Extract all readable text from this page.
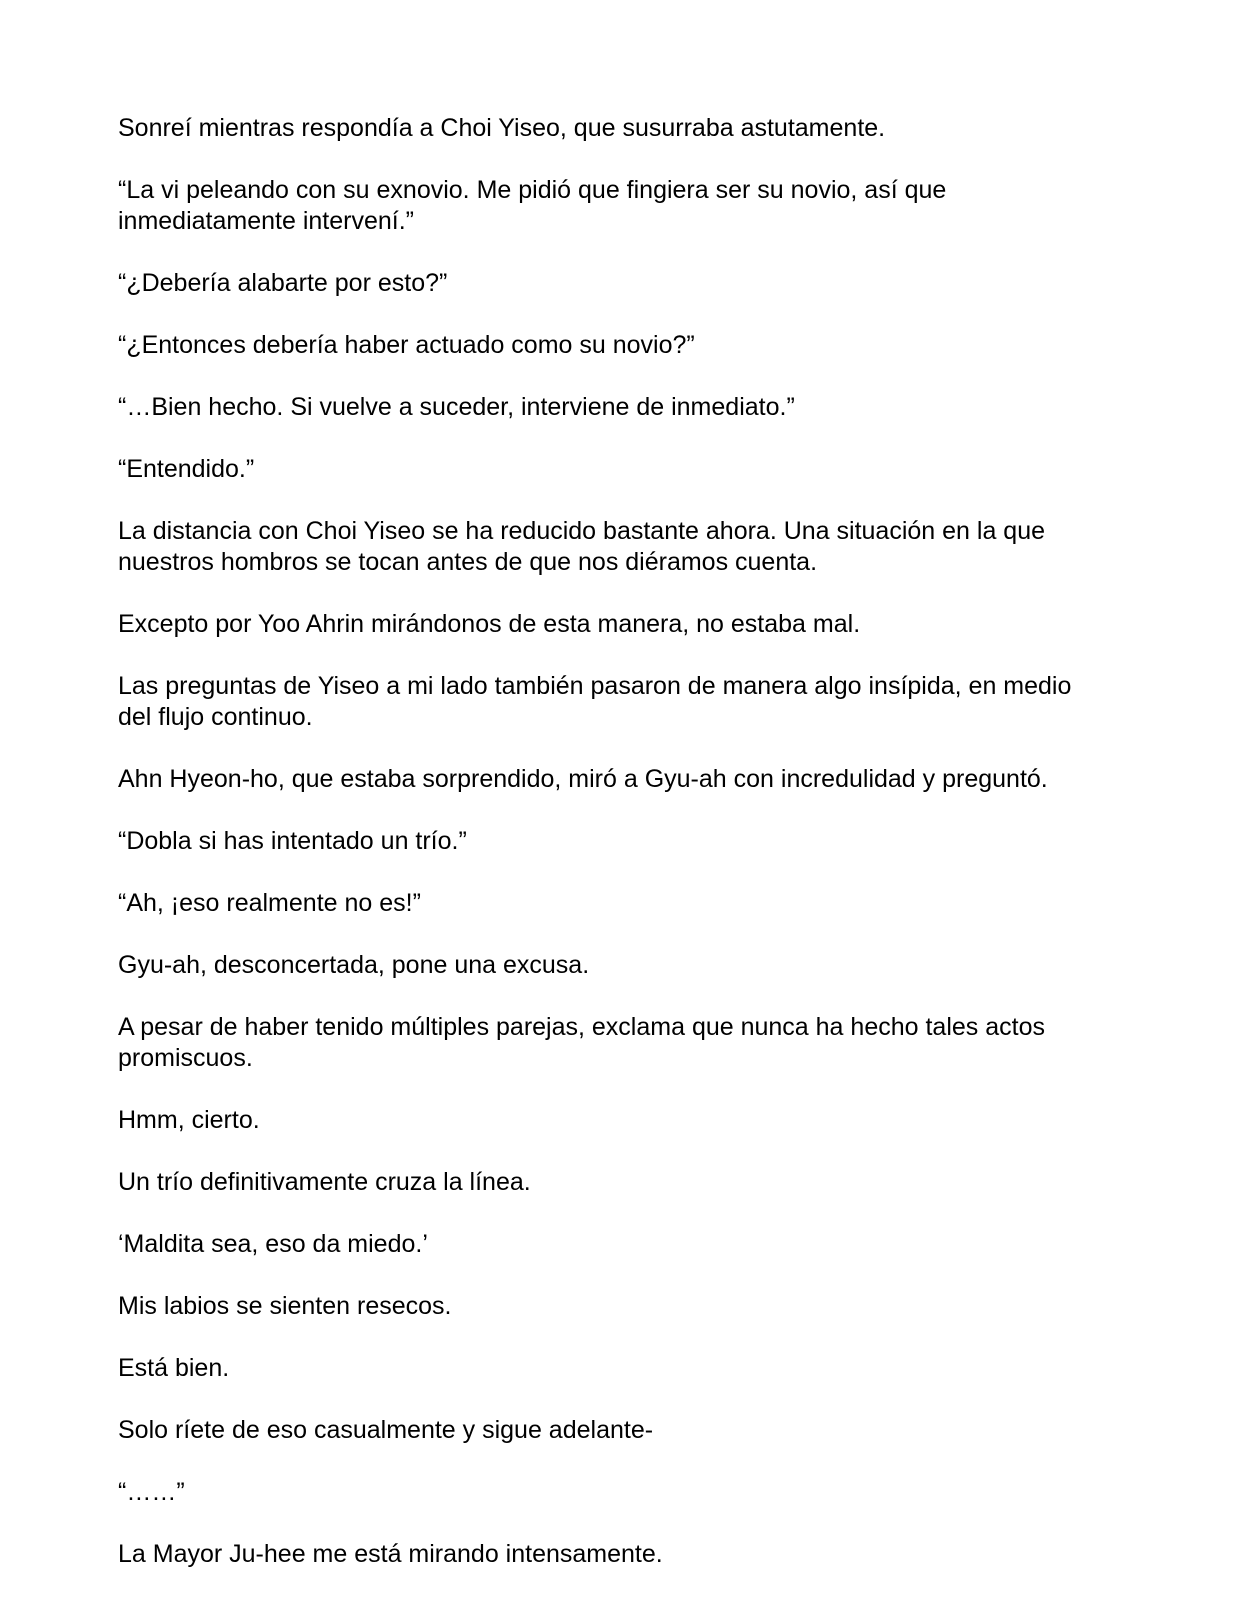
Sonreí mientras respondía a Choi Yiseo, que susurraba astutamente.

“La vi peleando con su exnovio. Me pidió que fingiera ser su novio, así que inmediatamente intervení.”

“¿Debería alabarte por esto?”

“¿Entonces debería haber actuado como su novio?”

“…Bien hecho. Si vuelve a suceder, interviene de inmediato.”

“Entendido.”

La distancia con Choi Yiseo se ha reducido bastante ahora. Una situación en la que nuestros hombros se tocan antes de que nos diéramos cuenta.

Excepto por Yoo Ahrin mirándonos de esta manera, no estaba mal.

Las preguntas de Yiseo a mi lado también pasaron de manera algo insípida, en medio del flujo continuo.

Ahn Hyeon-ho, que estaba sorprendido, miró a Gyu-ah con incredulidad y preguntó.

“Dobla si has intentado un trío.”

“Ah, ¡eso realmente no es!”

Gyu-ah, desconcertada, pone una excusa.

A pesar de haber tenido múltiples parejas, exclama que nunca ha hecho tales actos promiscuos.

Hmm, cierto.

Un trío definitivamente cruza la línea.

‘Maldita sea, eso da miedo.’

Mis labios se sienten resecos.

Está bien.

Solo ríete de eso casualmente y sigue adelante-

“……”

La Mayor Ju-hee me está mirando intensamente.
